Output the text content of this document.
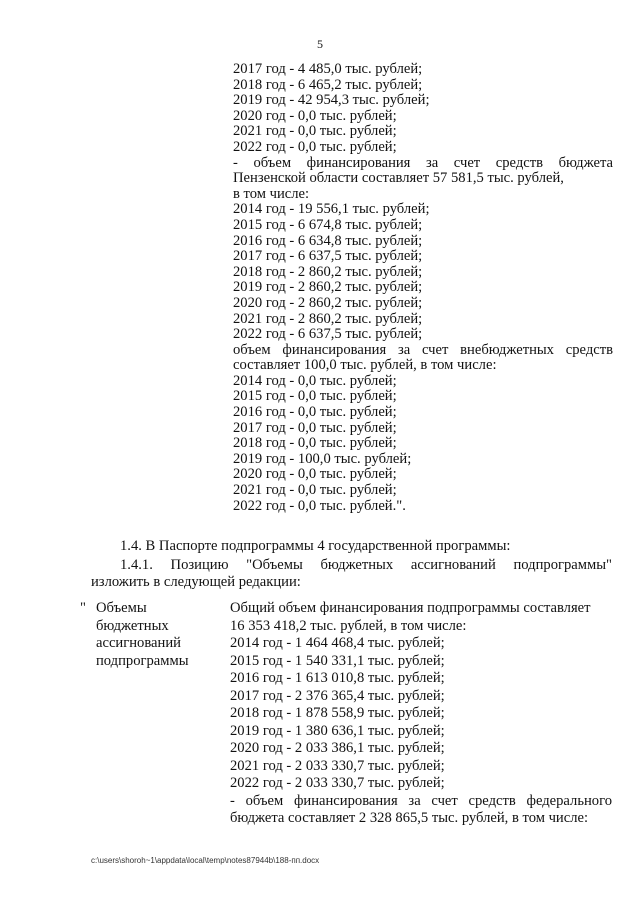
5
2017 год - 4 485,0 тыс. рублей;
2018 год - 6 465,2 тыс. рублей;
2019 год - 42 954,3 тыс. рублей;
2020 год - 0,0 тыс. рублей;
2021 год - 0,0 тыс. рублей;
2022 год - 0,0 тыс. рублей;
- объем финансирования за счет средств бюджета
Пензенской области составляет 57 581,5 тыс. рублей,
в том числе:
2014 год - 19 556,1 тыс. рублей;
2015 год - 6 674,8 тыс. рублей;
2016 год - 6 634,8 тыс. рублей;
2017 год - 6 637,5 тыс. рублей;
2018 год - 2 860,2 тыс. рублей;
2019 год - 2 860,2 тыс. рублей;
2020 год - 2 860,2 тыс. рублей;
2021 год - 2 860,2 тыс. рублей;
2022 год - 6 637,5 тыс. рублей;
объем финансирования за счет внебюджетных средств
составляет 100,0 тыс. рублей, в том числе:
2014 год - 0,0 тыс. рублей;
2015 год - 0,0 тыс. рублей;
2016 год - 0,0 тыс. рублей;
2017 год - 0,0 тыс. рублей;
2018 год - 0,0 тыс. рублей;
2019 год - 100,0 тыс. рублей;
2020 год - 0,0 тыс. рублей;
2021 год - 0,0 тыс. рублей;
2022 год - 0,0 тыс. рублей.".
1.4. В Паспорте подпрограммы 4 государственной программы:
1.4.1. Позицию "Объемы бюджетных ассигнований подпрограммы"
изложить в следующей редакции:
" Объемы
бюджетных
ассигнований
подпрограммы
Общий объем финансирования подпрограммы составляет
16 353 418,2 тыс. рублей, в том числе:
2014 год - 1 464 468,4 тыс. рублей;
2015 год - 1 540 331,1 тыс. рублей;
2016 год - 1 613 010,8 тыс. рублей;
2017 год - 2 376 365,4 тыс. рублей;
2018 год - 1 878 558,9 тыс. рублей;
2019 год - 1 380 636,1 тыс. рублей;
2020 год - 2 033 386,1 тыс. рублей;
2021 год - 2 033 330,7 тыс. рублей;
2022 год - 2 033 330,7 тыс. рублей;
- объем финансирования за счет средств федерального
бюджета составляет 2 328 865,5 тыс. рублей, в том числе:
c:\users\shoroh~1\appdata\local\temp\notes87944b\188-пп.docx
